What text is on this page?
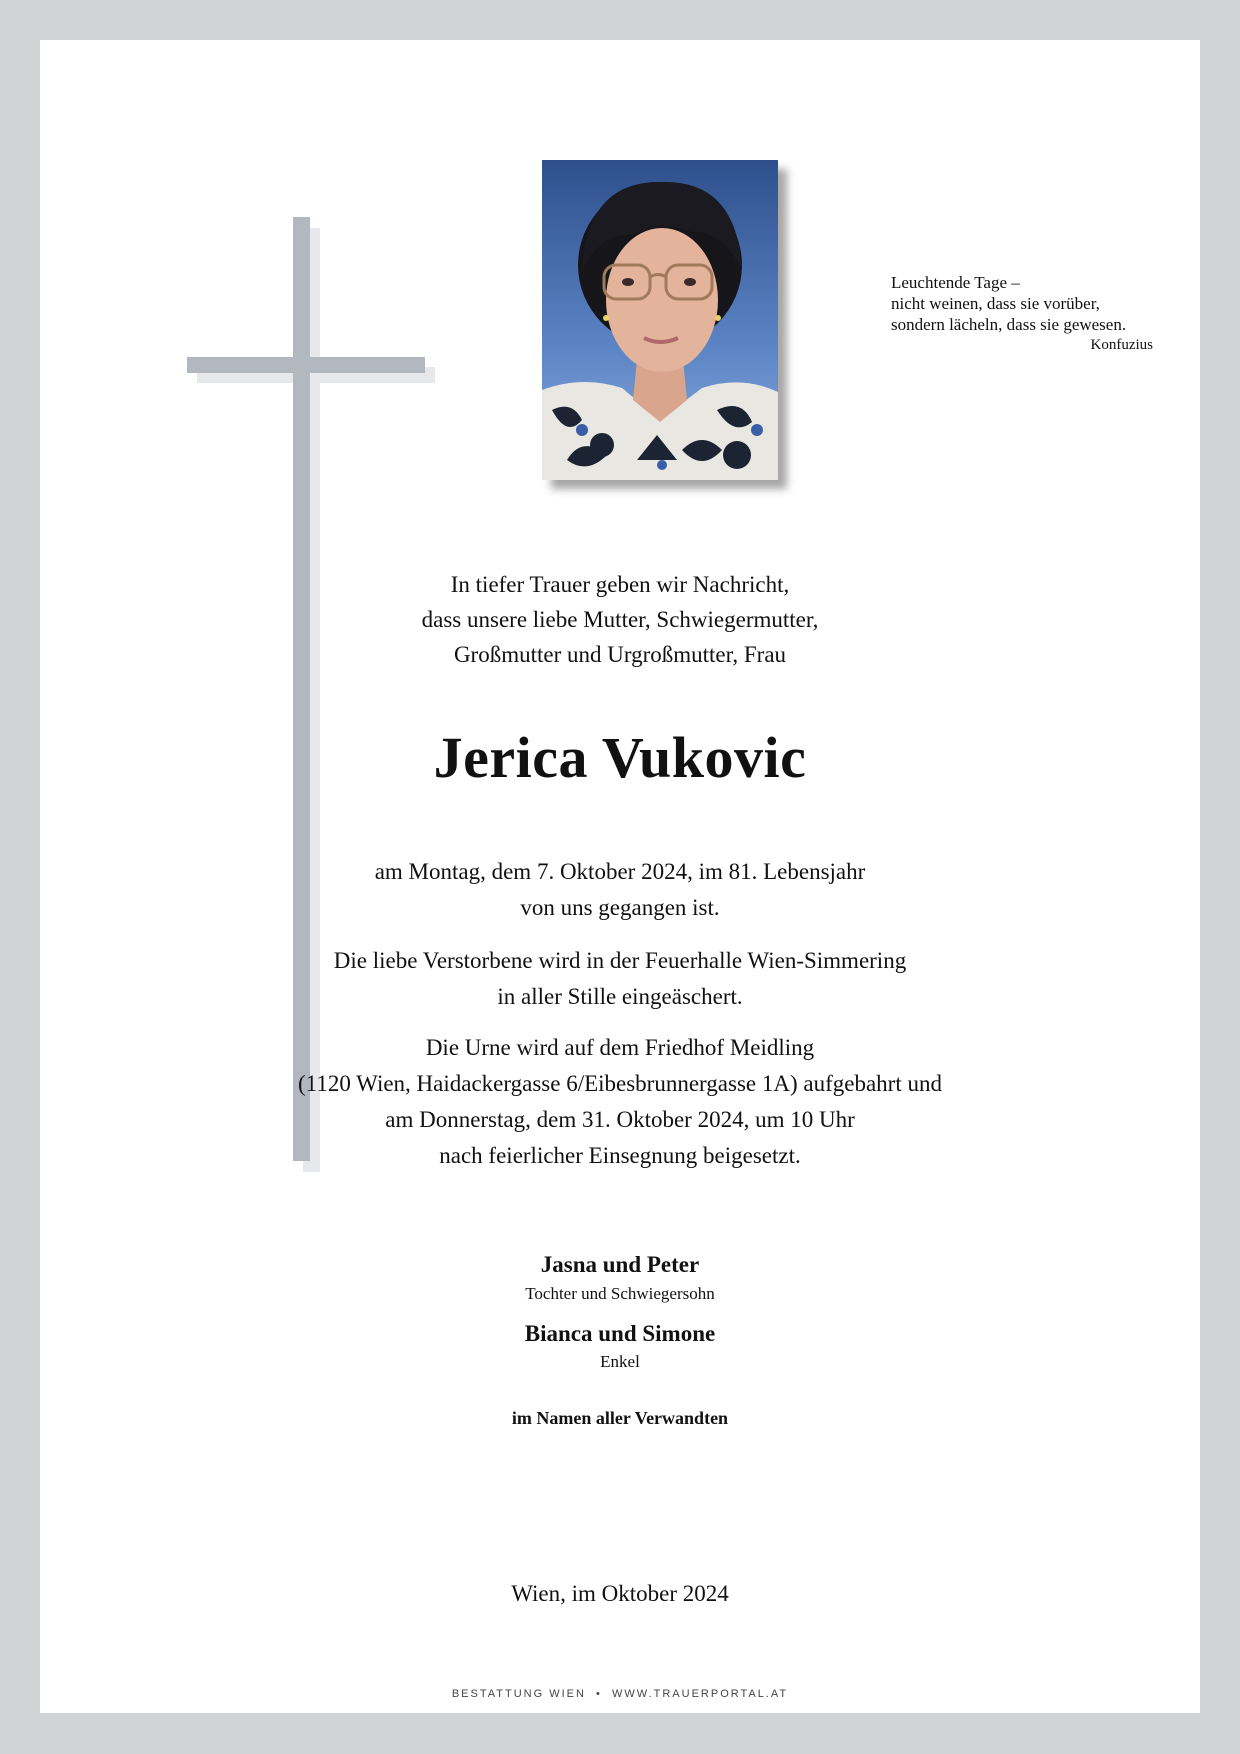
Leuchtende Tage –
nicht weinen, dass sie vorüber,
sondern lächeln, dass sie gewesen.
Konfuzius
In tiefer Trauer geben wir Nachricht,
dass unsere liebe Mutter, Schwiegermutter,
Großmutter und Urgroßmutter, Frau
Jerica Vukovic
am Montag, dem 7. Oktober 2024, im 81. Lebensjahr
von uns gegangen ist.
Die liebe Verstorbene wird in der Feuerhalle Wien-Simmering
in aller Stille eingeäschert.
Die Urne wird auf dem Friedhof Meidling
(1120 Wien, Haidackergasse 6/Eibesbrunnergasse 1A) aufgebahrt und
am Donnerstag, dem 31. Oktober 2024, um 10 Uhr
nach feierlicher Einsegnung beigesetzt.
Jasna und Peter
Tochter und Schwiegersohn
Bianca und Simone
Enkel
im Namen aller Verwandten
Wien, im Oktober 2024
BESTATTUNG WIEN • WWW.TRAUERPORTAL.AT
